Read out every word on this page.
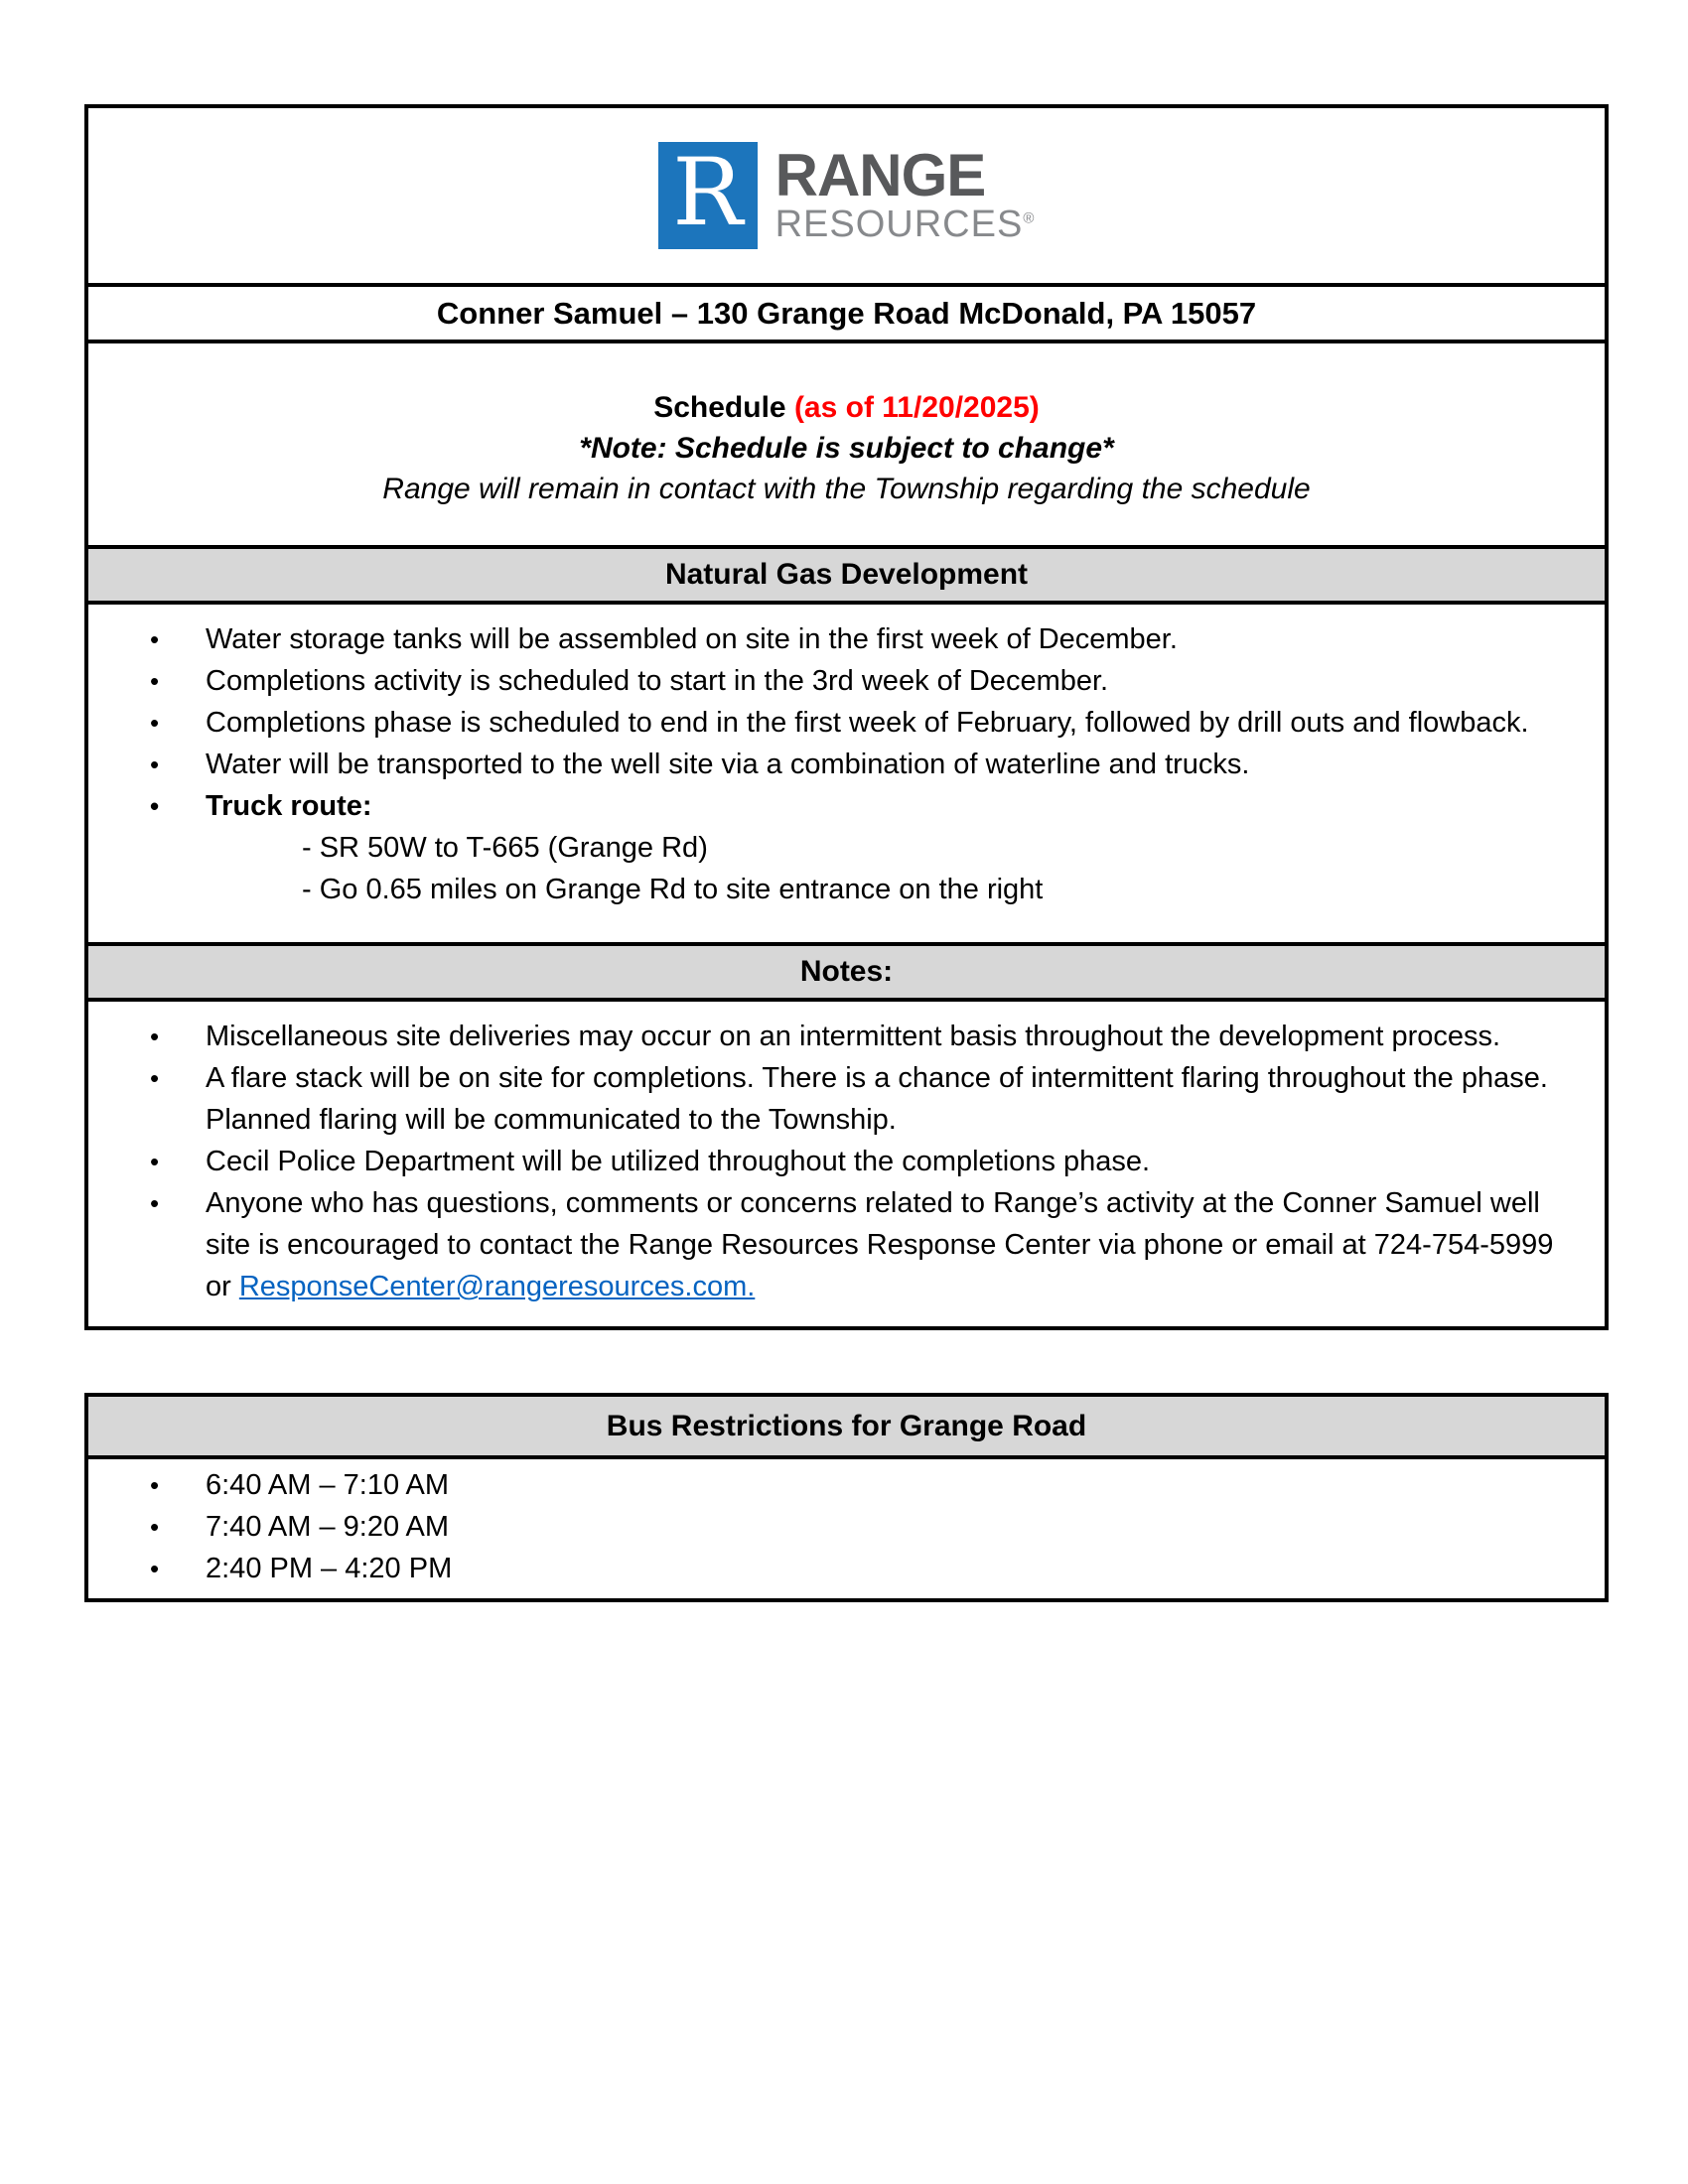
R RANGE
RESOURCES®
Conner Samuel – 130 Grange Road McDonald, PA 15057
Schedule (as of 11/20/2025)
*Note: Schedule is subject to change*
Range will remain in contact with the Township regarding the schedule
Natural Gas Development
• Water storage tanks will be assembled on site in the first week of December.
• Completions activity is scheduled to start in the 3rd week of December.
• Completions phase is scheduled to end in the first week of February, followed by drill outs and flowback.
• Water will be transported to the well site via a combination of waterline and trucks.
• Truck route:
- SR 50W to T-665 (Grange Rd)
- Go 0.65 miles on Grange Rd to site entrance on the right
Notes:
• Miscellaneous site deliveries may occur on an intermittent basis throughout the development process.
• A flare stack will be on site for completions. There is a chance of intermittent flaring throughout the phase. Planned flaring will be communicated to the Township.
• Cecil Police Department will be utilized throughout the completions phase.
• Anyone who has questions, comments or concerns related to Range’s activity at the Conner Samuel well site is encouraged to contact the Range Resources Response Center via phone or email at 724-754-5999 or ResponseCenter@rangeresources.com.
Bus Restrictions for Grange Road
• 6:40 AM – 7:10 AM
• 7:40 AM – 9:20 AM
• 2:40 PM – 4:20 PM
